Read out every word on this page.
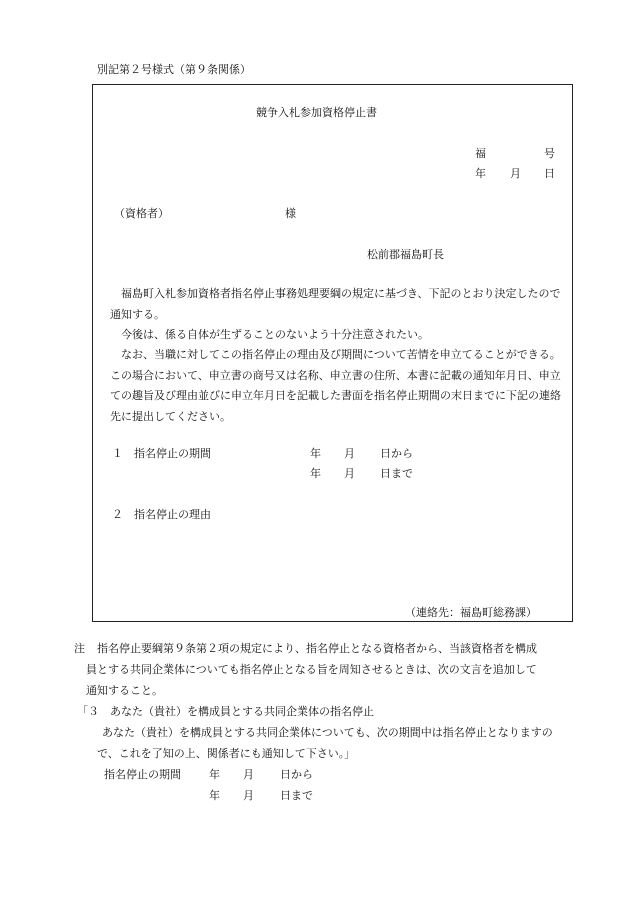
別記第２号様式（第９条関係）
競争入札参加資格停止書
福	号
年 月 日
（資格者）	様
松前郡福島町長
福島町入札参加資格者指名停止事務処理要綱の規定に基づき、下記のとおり決定したので通知する。
今後は、係る自体が生ずることのないよう十分注意されたい。
なお、当職に対してこの指名停止の理由及び期間について苦情を申立てることができる。この場合において、申立書の商号又は名称、申立書の住所、本書に記載の通知年月日、申立ての趣旨及び理由並びに申立年月日を記載した書面を指名停止期間の末日までに下記の連絡先に提出してください。
１　指名停止の期間	年 月 日から
年 月 日まで
２　指名停止の理由
（連絡先：福島町総務課）
注 指名停止要綱第９条第２項の規定により、指名停止となる資格者から、当該資格者を構成
員とする共同企業体についても指名停止となる旨を周知させるときは、次の文言を追加して
通知すること。
「３　あなた（貴社）を構成員とする共同企業体の指名停止
あなた（貴社）を構成員とする共同企業体についても、次の期間中は指名停止となりますの
で、これを了知の上、関係者にも通知して下さい。」
指名停止の期間	年 月 日から
年 月 日まで
